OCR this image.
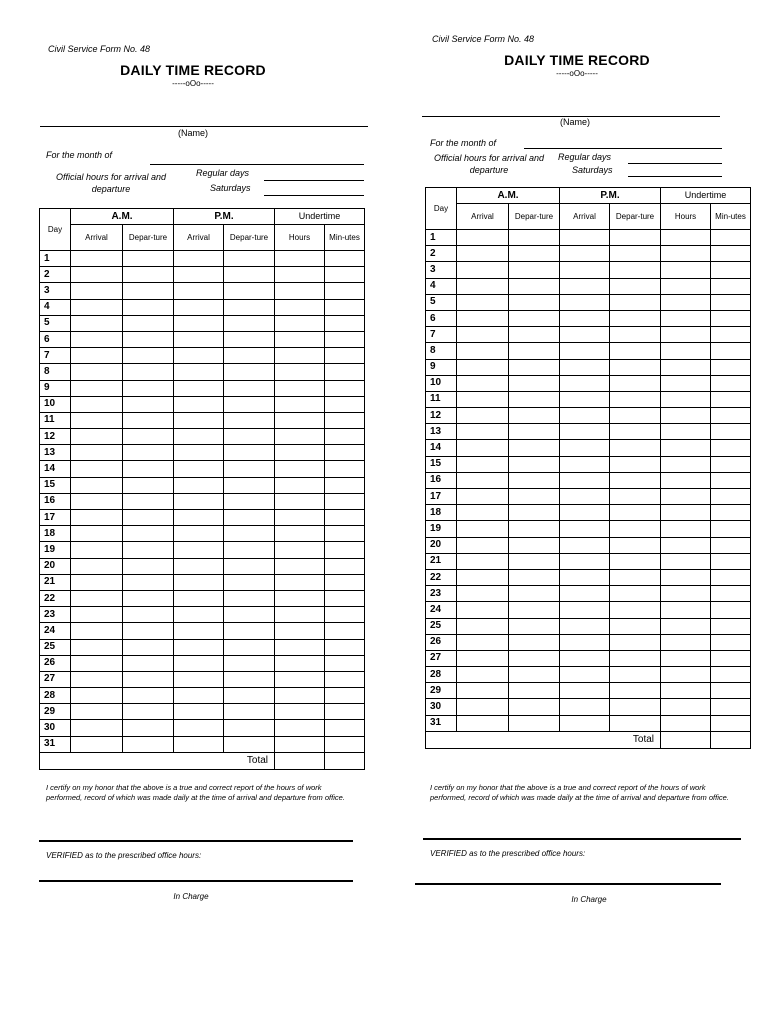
Civil Service Form No. 48
DAILY TIME RECORD
-----oOo-----
(Name)
For the month of
Official hours for arrival and departure
Regular days
Saturdays
Day	A.M.		P.M.		Undertime	
	Arrival	Depar-ture	Arrival	Depar-ture	Hours	Min-utes
1						
2						
3						
4						
5						
6						
7						
8						
9						
10						
11						
12						
13						
14						
15						
16						
17						
18						
19						
20						
21						
22						
23						
24						
25						
26						
27						
28						
29						
30						
31						
Total						
I certify on my honor that the above is a true and correct report of the hours of work performed, record of which was made daily at the time of arrival and departure from office.
VERIFIED as to the prescribed office hours:
In Charge
Civil Service Form No. 48
DAILY TIME RECORD
-----oOo-----
(Name)
For the month of
Official hours for arrival and departure
Regular days
Saturdays
Day	A.M.		P.M.		Undertime	
	Arrival	Depar-ture	Arrival	Depar-ture	Hours	Min-utes
1						
2						
3						
4						
5						
6						
7						
8						
9						
10						
11						
12						
13						
14						
15						
16						
17						
18						
19						
20						
21						
22						
23						
24						
25						
26						
27						
28						
29						
30						
31						
Total						
I certify on my honor that the above is a true and correct report of the hours of work performed, record of which was made daily at the time of arrival and departure from office.
VERIFIED as to the prescribed office hours:
In Charge
